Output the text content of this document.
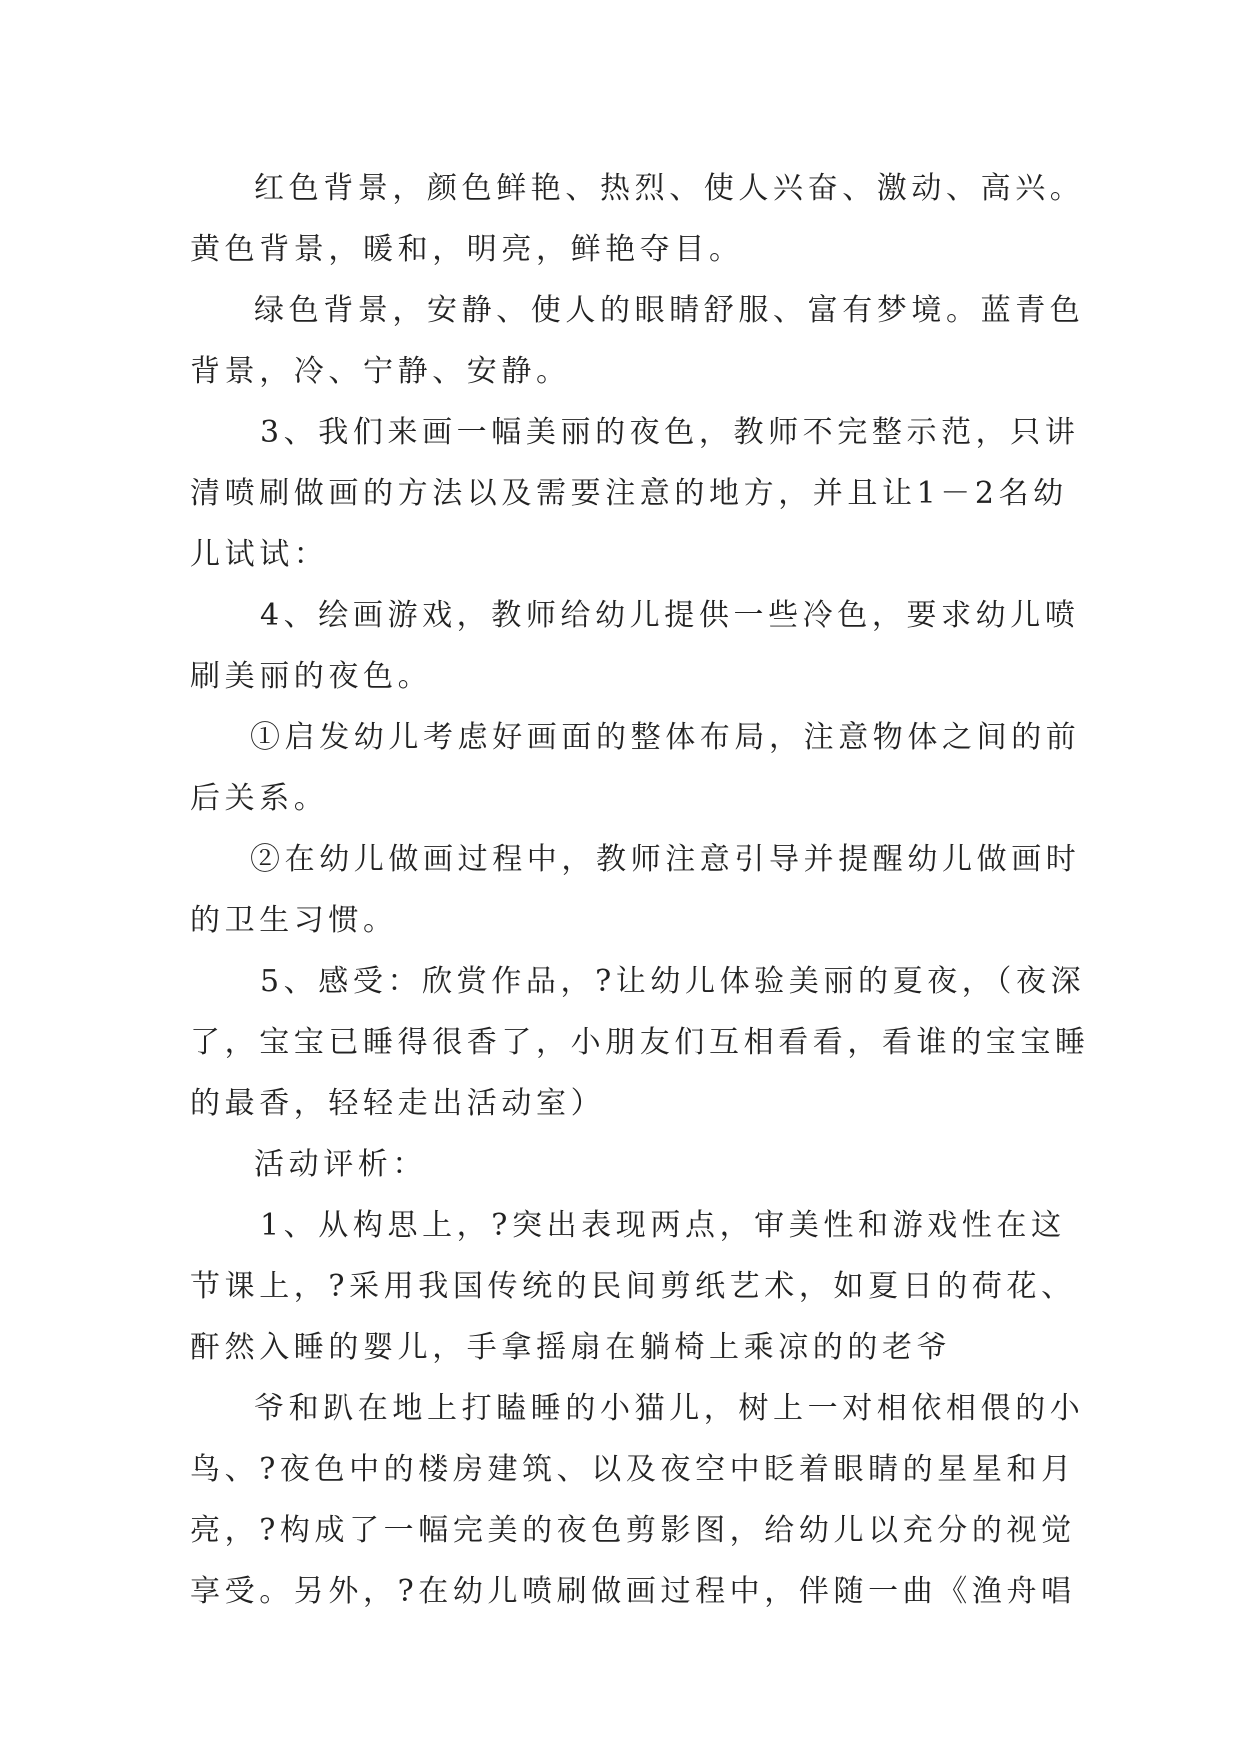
红色背景，颜色鲜艳、热烈、使人兴奋、激动、高兴。
黄色背景，暖和，明亮，鲜艳夺目。
绿色背景，安静、使人的眼睛舒服、富有梦境。蓝青色
背景，冷、宁静、安静。
3、我们来画一幅美丽的夜色，教师不完整示范，只讲
清喷刷做画的方法以及需要注意的地方，并且让1－2名幼
儿试试：
4、绘画游戏，教师给幼儿提供一些冷色，要求幼儿喷
刷美丽的夜色。
①启发幼儿考虑好画面的整体布局，注意物体之间的前
后关系。
②在幼儿做画过程中，教师注意引导并提醒幼儿做画时
的卫生习惯。
5、感受：欣赏作品，?让幼儿体验美丽的夏夜，（夜深
了，宝宝已睡得很香了，小朋友们互相看看，看谁的宝宝睡
的最香，轻轻走出活动室）
活动评析：
1、从构思上，?突出表现两点，审美性和游戏性在这
节课上，?采用我国传统的民间剪纸艺术，如夏日的荷花、
酐然入睡的婴儿，手拿摇扇在躺椅上乘凉的的老爷
爷和趴在地上打瞌睡的小猫儿，树上一对相依相偎的小
鸟、?夜色中的楼房建筑、以及夜空中眨着眼睛的星星和月
亮，?构成了一幅完美的夜色剪影图，给幼儿以充分的视觉
享受。另外，?在幼儿喷刷做画过程中，伴随一曲《渔舟唱
